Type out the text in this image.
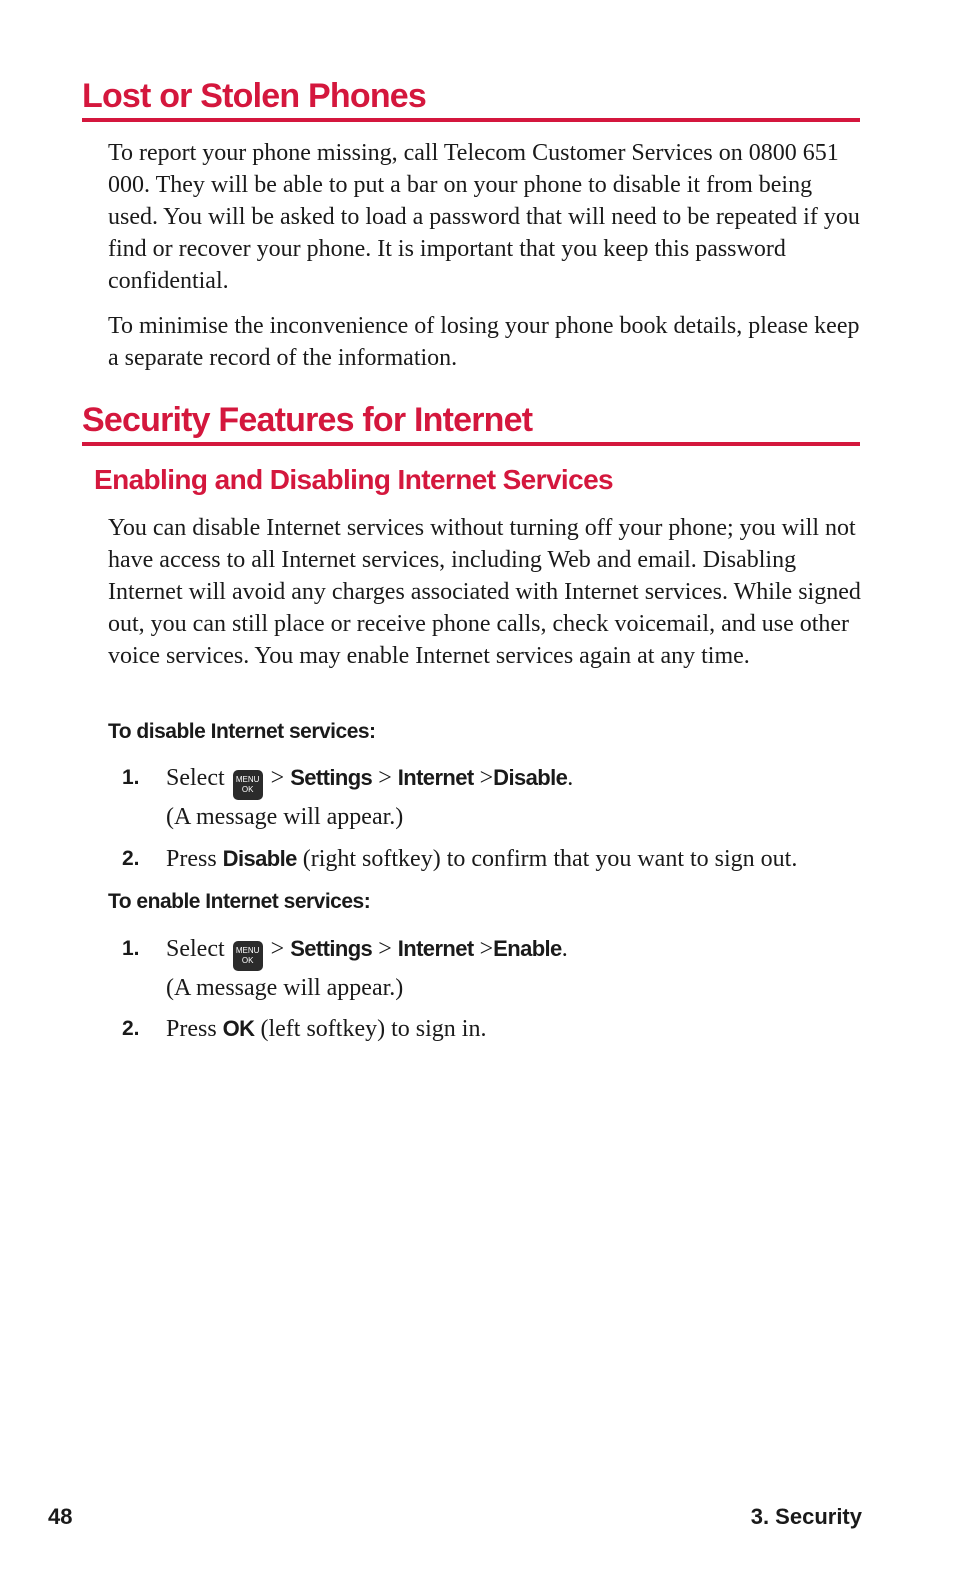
Lost or Stolen Phones

To report your phone missing, call Telecom Customer Services on 0800 651 000. They will be able to put a bar on your phone to disable it from being used. You will be asked to load a password that will need to be repeated if you find or recover your phone. It is important that you keep this password confidential.

To minimise the inconvenience of losing your phone book details, please keep a separate record of the information.

Security Features for Internet
Enabling and Disabling Internet Services

You can disable Internet services without turning off your phone; you will not have access to all Internet services, including Web and email. Disabling Internet will avoid any charges associated with Internet services. While signed out, you can still place or receive phone calls, check voicemail, and use other voice services. You may enable Internet services again at any time.

To disable Internet services:

1. Select	MENU
OK > Settings > Internet >Disable.
(A message will appear.)
2. Press Disable (right softkey) to confirm that you want to sign out.

To enable Internet services:

1. Select	MENU
OK > Settings > Internet >Enable.
(A message will appear.)
2. Press OK (left softkey) to sign in.

48	3. Security
